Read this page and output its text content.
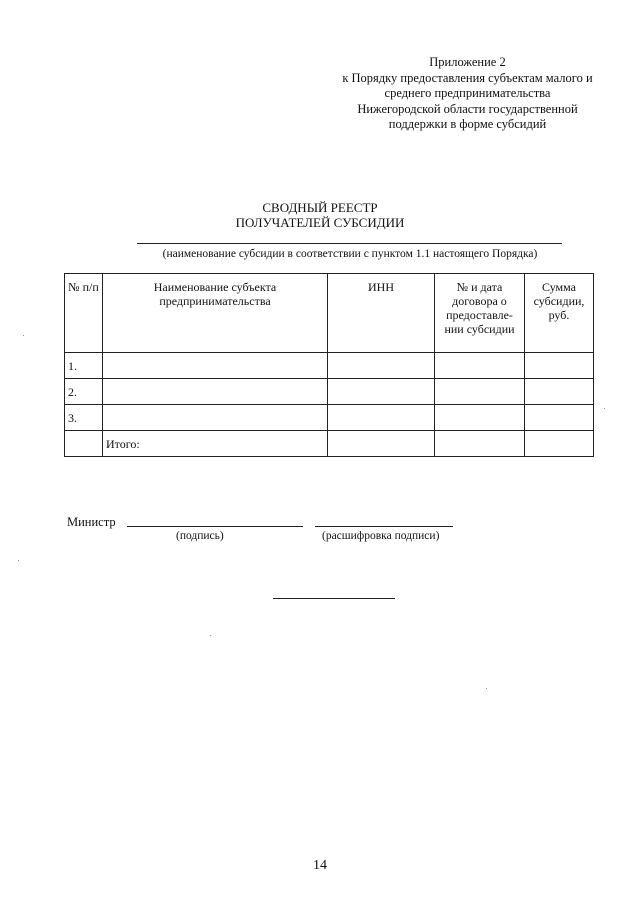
Приложение 2
к Порядку предоставления субъектам малого и
среднего предпринимательства
Нижегородской области государственной
поддержки в форме субсидий
СВОДНЫЙ РЕЕСТР
ПОЛУЧАТЕЛЕЙ СУБСИДИИ
(наименование субсидии в соответствии с пунктом 1.1 настоящего Порядка)
№ п/п	Наименование субъекта предпринимательства	ИНН	№ и дата договора о предоставле-нии субсидии	Сумма субсидии, руб.
1.				
2.				
3.				
	Итого:			
Министр
(подпись)	(расшифровка подписи)
14
